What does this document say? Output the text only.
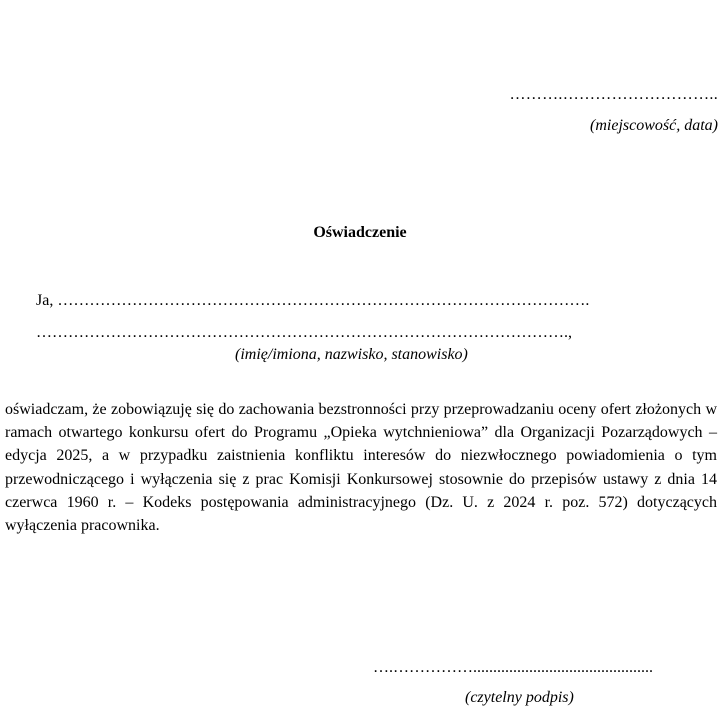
……….………………………..

(miejscowość, data)

Oświadczenie

Ja, ……………………………………………………………………………………….

……………………………………………………………………………………….,

(imię/imiona, nazwisko, stanowisko)

oświadczam, że zobowiązuję się do zachowania bezstronności przy przeprowadzaniu oceny ofert złożonych w ramach otwartego konkursu ofert do Programu „Opieka wytchnieniowa” dla Organizacji Pozarządowych – edycja 2025, a w przypadku zaistnienia konfliktu interesów do niezwłocznego powiadomienia o tym przewodniczącego i wyłączenia się z prac Komisji Konkursowej stosownie do przepisów ustawy z dnia 14 czerwca 1960 r. – Kodeks postępowania administracyjnego (Dz. U. z 2024 r. poz. 572) dotyczących wyłączenia pracownika.

….…………….............................................

(czytelny podpis)
